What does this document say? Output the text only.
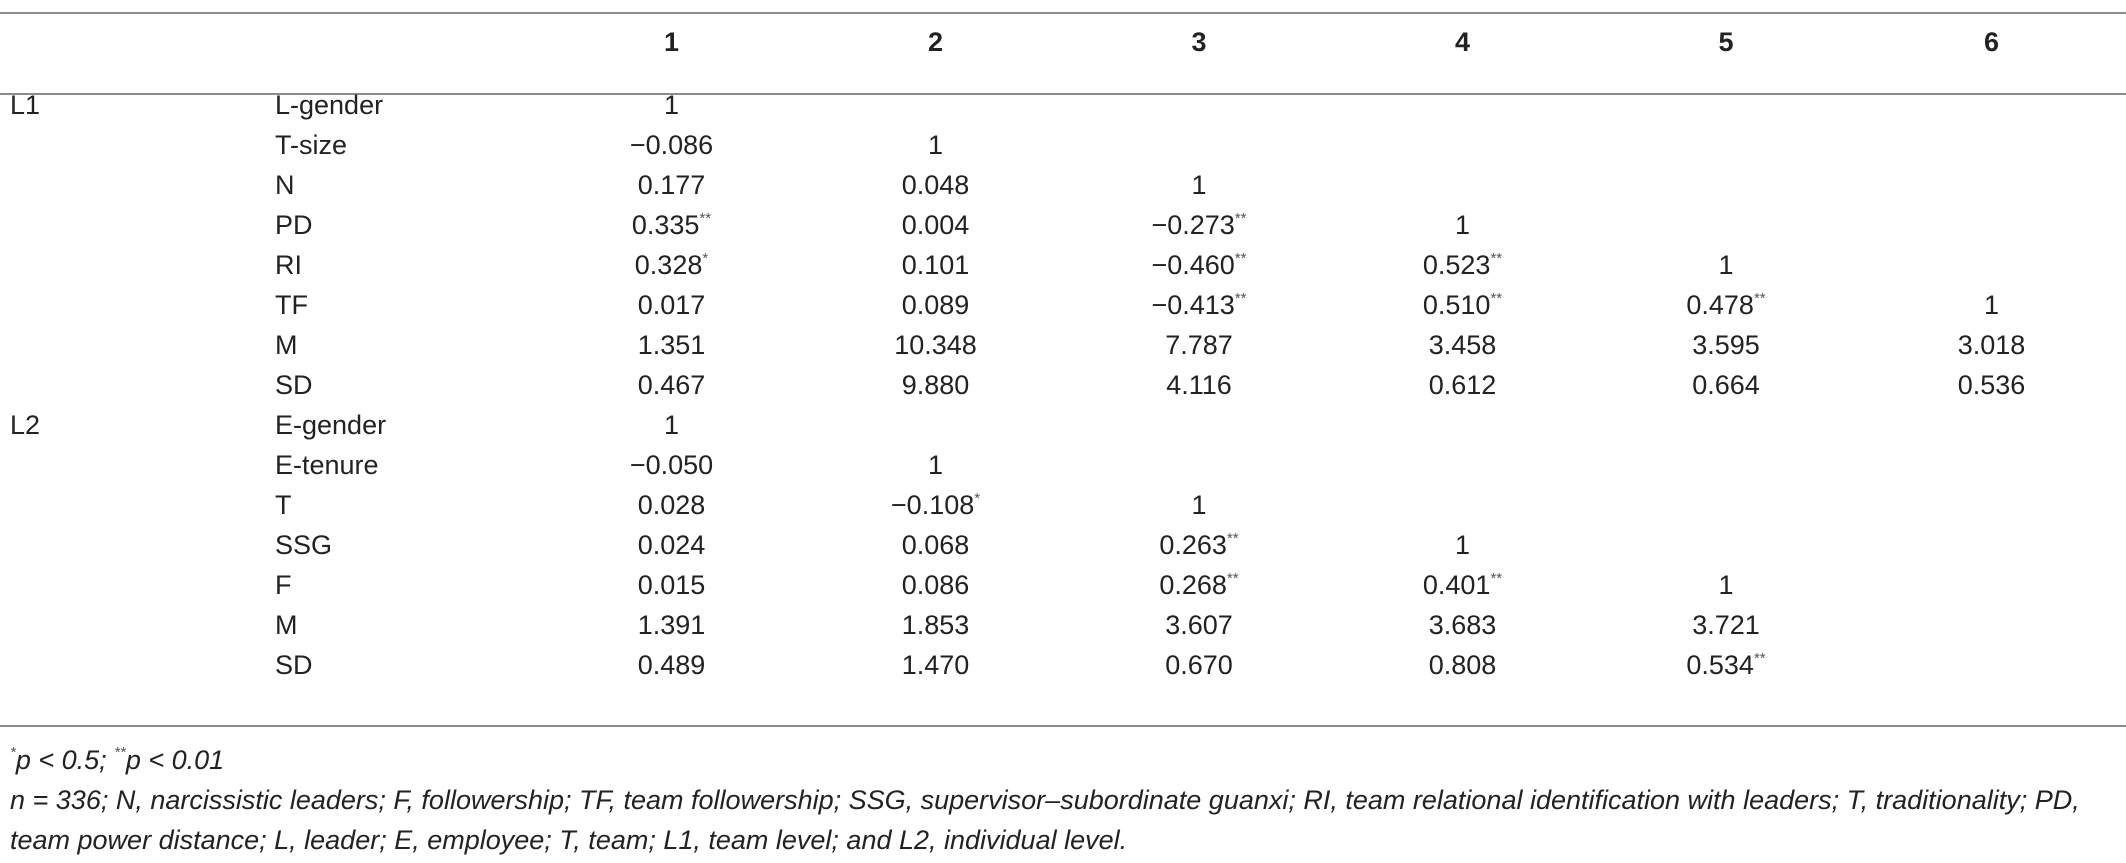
		1	2	3	4	5	6

L1	L-gender	1					
	T-size	−0.086	1				
	N	0.177	0.048	1			
	PD	0.335**	0.004	−0.273**	1		
	RI	0.328*	0.101	−0.460**	0.523**	1	
	TF	0.017	0.089	−0.413**	0.510**	0.478**	1
	M	1.351	10.348	7.787	3.458	3.595	3.018
	SD	0.467	9.880	4.116	0.612	0.664	0.536
L2	E-gender	1					
	E-tenure	−0.050	1				
	T	0.028	−0.108*	1			
	SSG	0.024	0.068	0.263**	1		
	F	0.015	0.086	0.268**	0.401**	1	
	M	1.391	1.853	3.607	3.683	3.721	
	SD	0.489	1.470	0.670	0.808	0.534**	

*p < 0.5; **p < 0.01

n = 336; N, narcissistic leaders; F, followership; TF, team followership; SSG, supervisor–subordinate guanxi; RI, team relational identification with leaders; T, traditionality; PD, team power distance; L, leader; E, employee; T, team; L1, team level; and L2, individual level.
